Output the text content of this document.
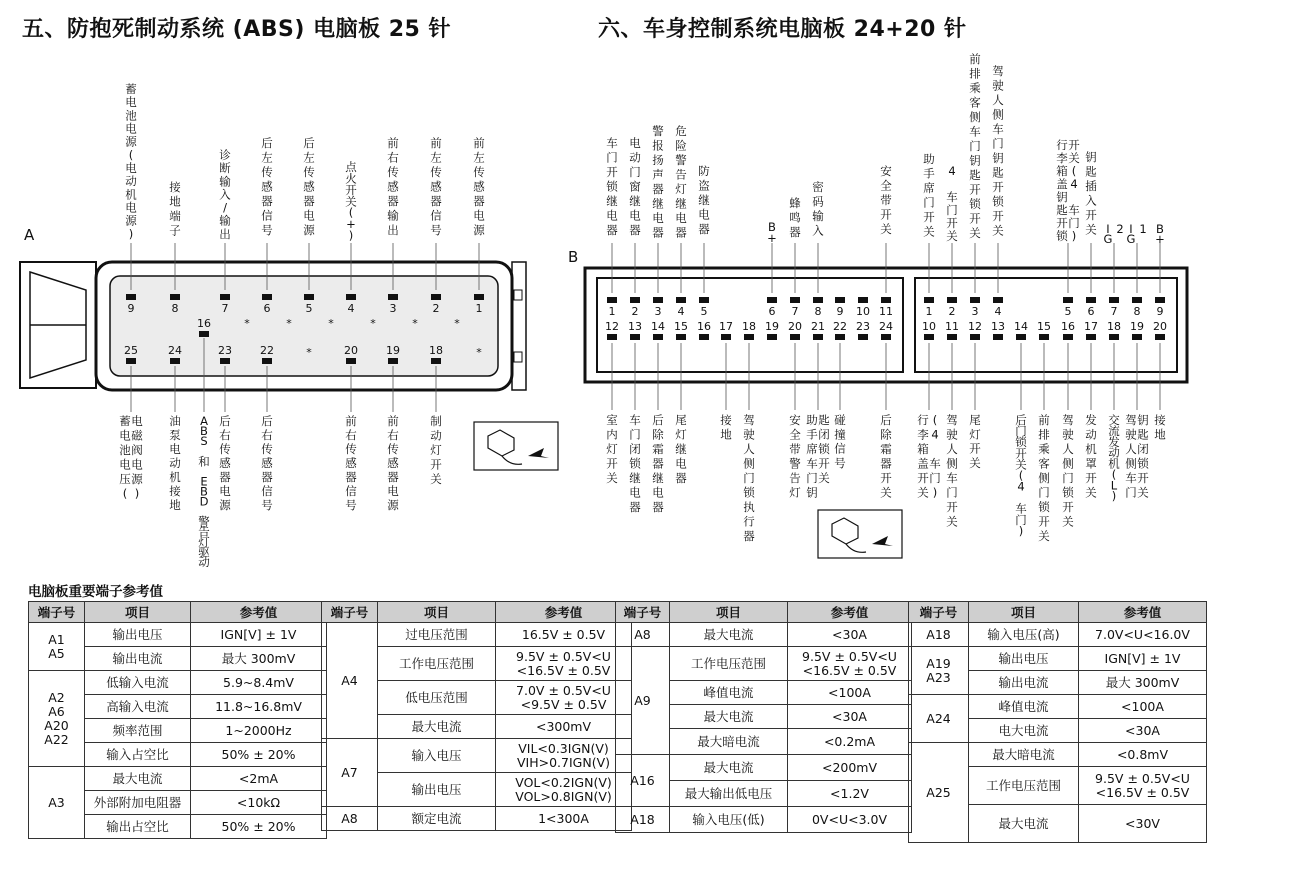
五、防抱死制动系统 (ABS) 电脑板 25 针	六、车身控制系统电脑板 24+20 针
A
B
9
蓄电池电源(电动机电源)
8
接地端子
7
诊断输入/输出
6
后左传感器信号
5
后左传感器电源
4
点火开关( + )
3
前右传感器输出
2
前左传感器信号
1
前左传感器电源
16	*	*	*	*	*	*
*	*
25
蓄电池电压(电磁阀电源)
24
油泵电动机接地
23
后右传感器电源
22
后右传感器信号
20
前右传感器信号
19
前右传感器电源
18
制动灯开关
A B S 和 E B D 警告灯驱动
1 2 3 4 5	6 7 8 9 10 11
12 13 14 15 16 17 18 19 20 21 22 23 24
1 2 3 4	5 6 7 8 9
10 11 12 13 14 15 16 17 18 19 20
车门开锁继电器
电动门窗继电器
警报扬声器继电器
危险警告灯继电器
防盗继电器	B +
蜂鸣器
密码输入
安全带开关
室内灯开关
车门闭锁继电器
后除霜器继电器
尾灯继电器
接地
驾驶人侧门锁执行器
安全带警告灯
助手席车门钥匙闭锁开关
碰撞信号
后除霜器开关
助手席门开关
4 车门开关
前排乘客侧车门钥匙开锁开关
驾驶人侧车门钥匙开锁开关
行李箱盖钥匙开锁开关( 4 车门)
钥匙插入开关 I G2 I G1 B +
行李箱盖开关( 4 车门)
驾驶人侧车门开关
尾灯开关
后门锁开关( 4 车门)
前排乘客侧门锁开关
驾驶人侧门锁开关
发动机罩开关
交流发动机( L )
驾驶人侧车门钥匙闭锁开关
接地
电脑板重要端子参考值
端子号	项目	参考值
A1
A5	输出电压	IGN[V] ± 1V
	输出电流	最大 300mV
A2
A6
A20
A22	低输入电流	5.9~8.4mV
	高输入电流	11.8~16.8mV
	频率范围	1~2000Hz
	输入占空比	50% ± 20%
A3	最大电流	<2mA
	外部附加电阻器	<10kΩ
	输出占空比	50% ± 20%
端子号	项目	参考值
A4	过电压范围	16.5V ± 0.5V
	工作电压范围	9.5V ± 0.5V<U
<16.5V ± 0.5V
	低电压范围	7.0V ± 0.5V<U
<9.5V ± 0.5V
	最大电流	<300mV
A7	输入电压	VIL<0.3IGN(V)
VIH>0.7IGN(V)
	输出电压	VOL<0.2IGN(V)
VOL>0.8IGN(V)
A8	额定电流	1<300A
端子号	项目	参考值
A8	最大电流	<30A
A9	工作电压范围	9.5V ± 0.5V<U
<16.5V ± 0.5V
	峰值电流	<100A
	最大电流	<30A
	最大暗电流	<0.2mA
A16	最大电流	<200mV
	最大输出低电压	<1.2V
A18	输入电压(低)	0V<U<3.0V
端子号	项目	参考值
A18	输入电压(高)	7.0V<U<16.0V
A19
A23	输出电压	IGN[V] ± 1V
	输出电流	最大 300mV
A24	峰值电流	<100A
	电大电流	<30A
A25	最大暗电流	<0.8mV
	工作电压范围	9.5V ± 0.5V<U
<16.5V ± 0.5V
	最大电流	<30V
